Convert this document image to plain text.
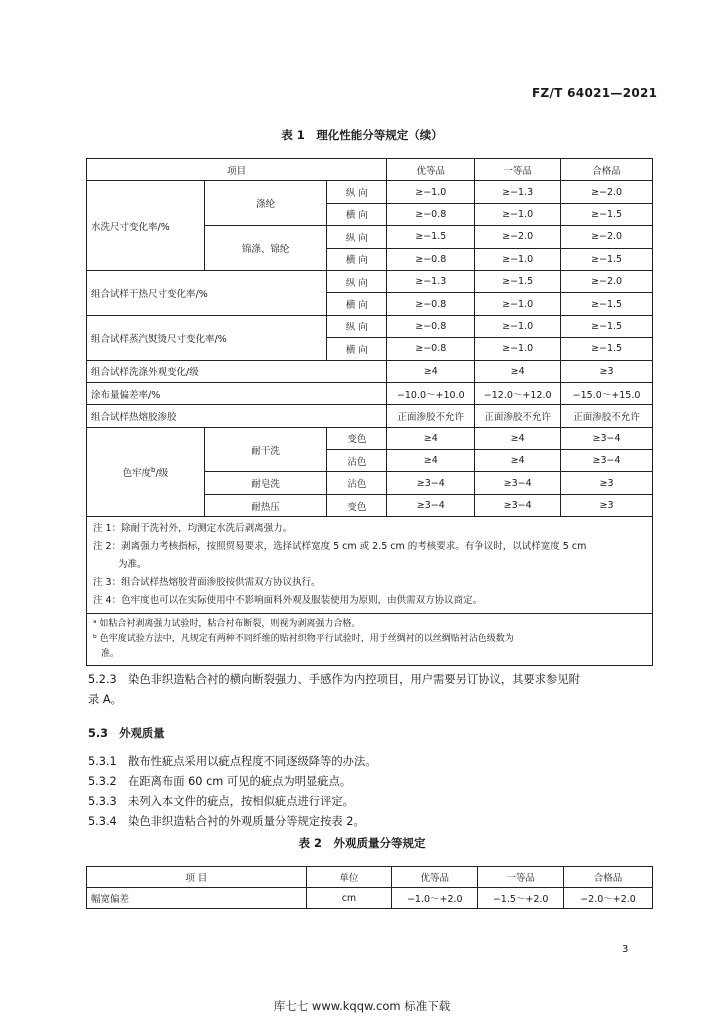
FZ/T 64021—2021
表 1　理化性能分等规定（续）
项目			优等品	一等品	合格品
水洗尺寸变化率/%	涤纶	纵 向	≥−1.0	≥−1.3	≥−2.0
		横 向	≥−0.8	≥−1.0	≥−1.5
	锦涤、锦纶	纵 向	≥−1.5	≥−2.0	≥−2.0
		横 向	≥−0.8	≥−1.0	≥−1.5
组合试样干热尺寸变化率/%		纵 向	≥−1.3	≥−1.5	≥−2.0
		横 向	≥−0.8	≥−1.0	≥−1.5
组合试样蒸汽熨烫尺寸变化率/%		纵 向	≥−0.8	≥−1.0	≥−1.5
		横 向	≥−0.8	≥−1.0	≥−1.5
组合试样洗涤外观变化/级			≥4	≥4	≥3
涂布量偏差率/%			−10.0～+10.0	−12.0～+12.0	−15.0～+15.0
组合试样热熔胶渗胶			正面渗胶不允许	正面渗胶不允许	正面渗胶不允许
色牢度$^b$/级	耐干洗	变色	≥4	≥4	≥3−4
		沾色	≥4	≥4	≥3−4
	耐皂洗	沾色	≥3−4	≥3−4	≥3
	耐热压	变色	≥3−4	≥3−4	≥3

注 1：除耐干洗衬外，均测定水洗后剥离强力。
注 2：剥离强力考核指标，按照贸易要求，选择试样宽度 5 cm 或 2.5 cm 的考核要求。有争议时，以试样宽度 5 cm
为准。
注 3：组合试样热熔胶背面渗胶按供需双方协议执行。
注 4：色牢度也可以在实际使用中不影响面料外观及服装使用为原则，由供需双方协议商定。					

ᵃ 如粘合衬剥离强力试验时，粘合衬布断裂，则视为剥离强力合格。
ᵇ 色牢度试验方法中，凡规定有两种不同纤维的贴衬织物平行试验时，用于丝绸衬的以丝绸贴衬沾色级数为
准。					
5.2.3　染色非织造粘合衬的横向断裂强力、手感作为内控项目，用户需要另订协议，其要求参见附
录 A。
5.3　外观质量
5.3.1　散布性疵点采用以疵点程度不同逐级降等的办法。
5.3.2　在距离布面 60 cm 可见的疵点为明显疵点。
5.3.3　未列入本文件的疵点，按相似疵点进行评定。
5.3.4　染色非织造粘合衬的外观质量分等规定按表 2。
表 2　外观质量分等规定
项 目	单位	优等品	一等品	合格品
幅宽偏差	cm	−1.0～+2.0	−1.5～+2.0	−2.0～+2.0
3
库七七 www.kqqw.com 标准下载
